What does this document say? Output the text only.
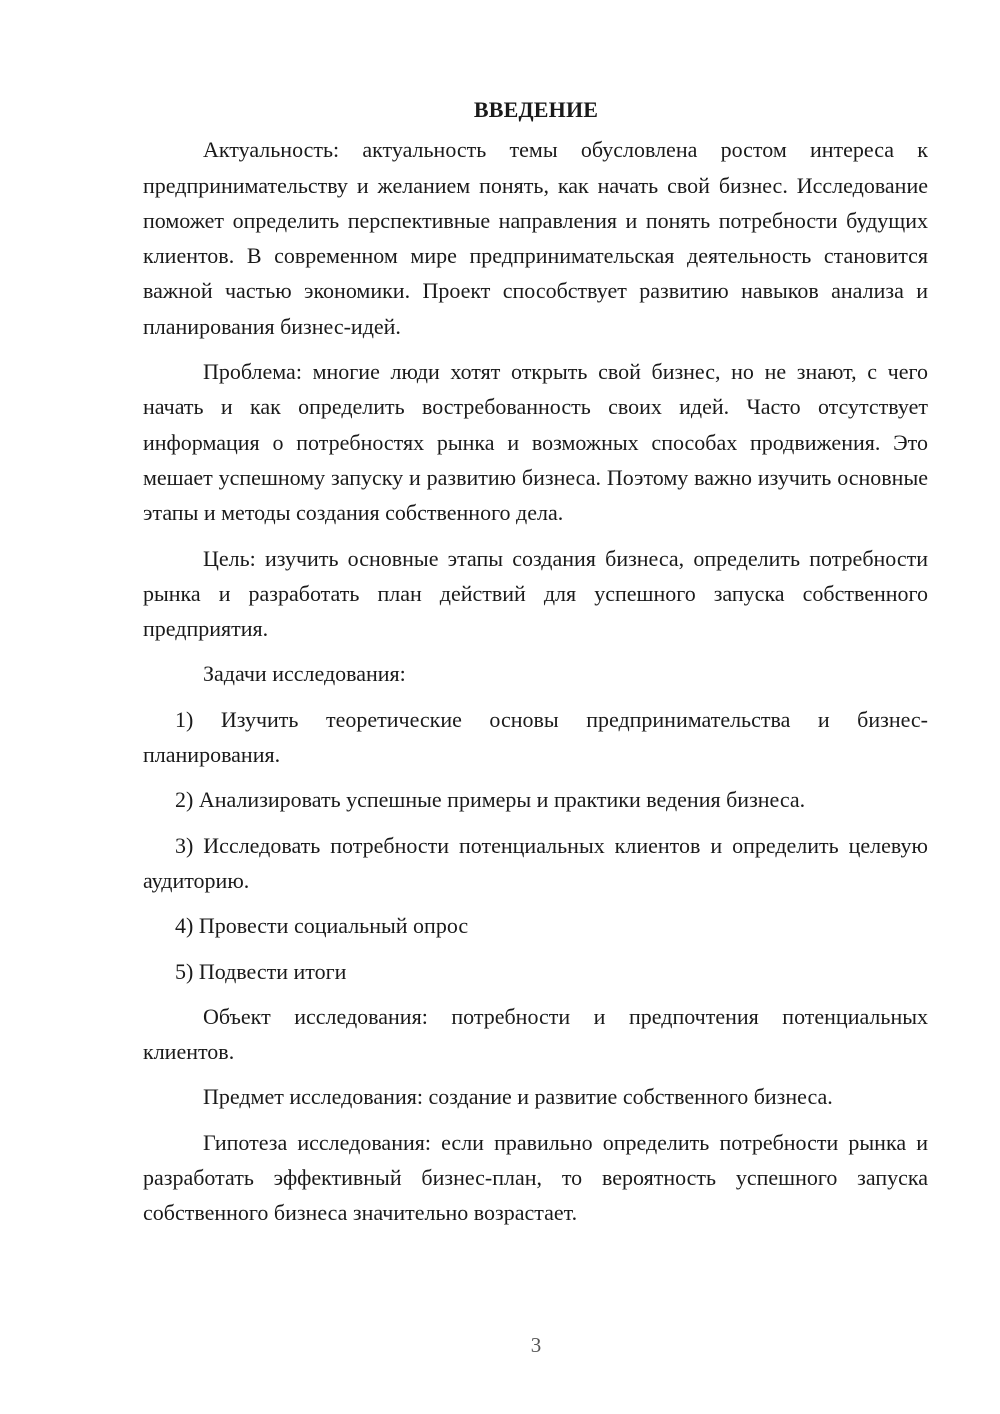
ВВЕДЕНИЕ

Актуальность: актуальность темы обусловлена ростом интереса к предпринимательству и желанием понять, как начать свой бизнес. Исследование поможет определить перспективные направления и понять потребности будущих клиентов. В современном мире предпринимательская деятельность становится важной частью экономики. Проект способствует развитию навыков анализа и планирования бизнес-идей.

Проблема: многие люди хотят открыть свой бизнес, но не знают, с чего начать и как определить востребованность своих идей. Часто отсутствует информация о потребностях рынка и возможных способах продвижения. Это мешает успешному запуску и развитию бизнеса. Поэтому важно изучить основные этапы и методы создания собственного дела.

Цель: изучить основные этапы создания бизнеса, определить потребности рынка и разработать план действий для успешного запуска собственного предприятия.

Задачи исследования:

1) Изучить теоретические основы предпринимательства и бизнес-планирования.

2) Анализировать успешные примеры и практики ведения бизнеса.

3) Исследовать потребности потенциальных клиентов и определить целевую аудиторию.

4) Провести социальный опрос

5) Подвести итоги

Объект исследования: потребности и предпочтения потенциальных клиентов.

Предмет исследования: создание и развитие собственного бизнеса.

Гипотеза исследования: если правильно определить потребности рынка и разработать эффективный бизнес-план, то вероятность успешного запуска собственного бизнеса значительно возрастает.

3
